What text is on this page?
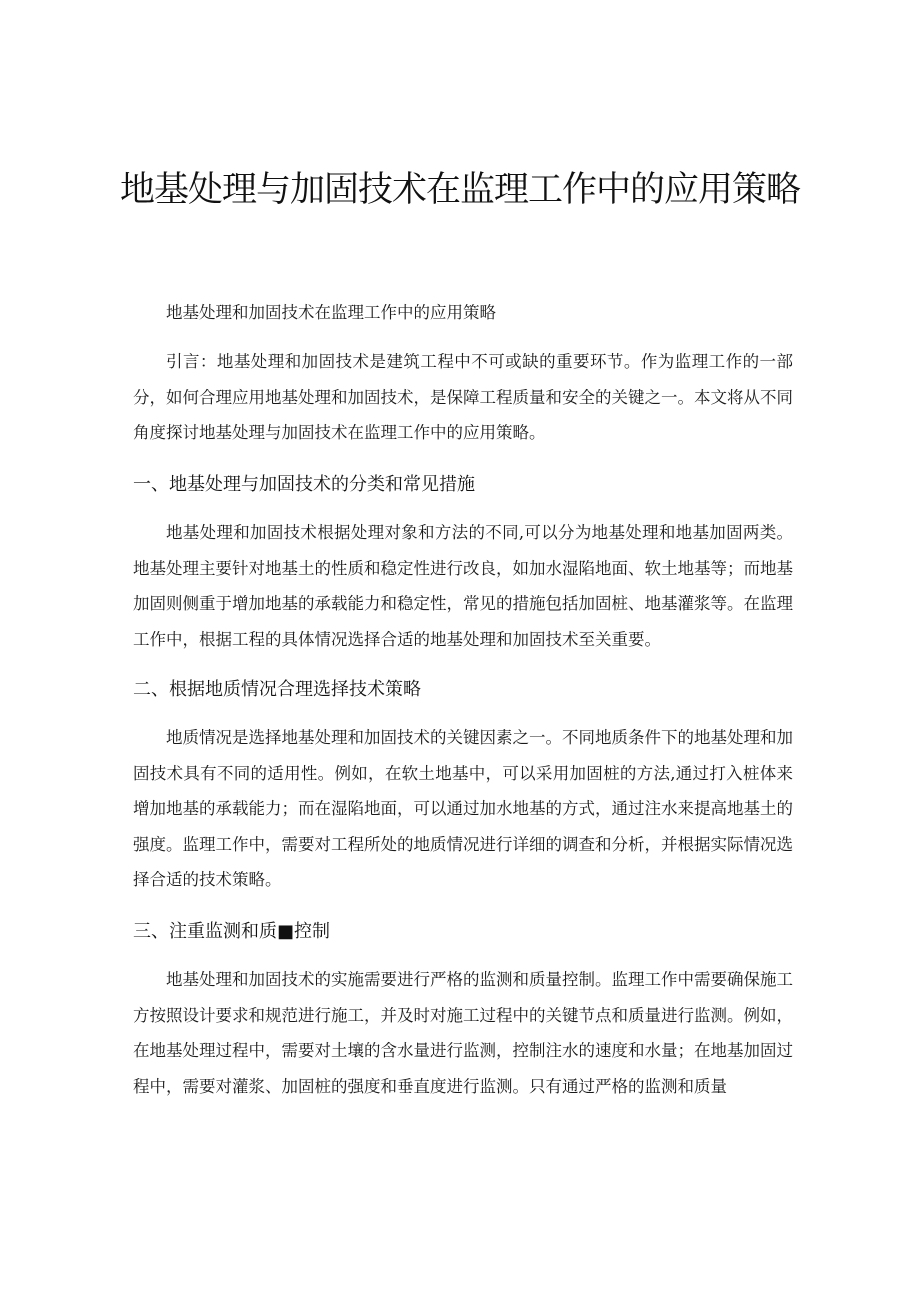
地基处理与加固技术在监理工作中的应用策略

地基处理和加固技术在监理工作中的应用策略

引言：地基处理和加固技术是建筑工程中不可或缺的重要环节。作为监理工作的一部分，如何合理应用地基处理和加固技术，是保障工程质量和安全的关键之一。本文将从不同角度探讨地基处理与加固技术在监理工作中的应用策略。

一、地基处理与加固技术的分类和常见措施

地基处理和加固技术根据处理对象和方法的不同,可以分为地基处理和地基加固两类。地基处理主要针对地基土的性质和稳定性进行改良，如加水湿陷地面、软土地基等；而地基加固则侧重于增加地基的承载能力和稳定性，常见的措施包括加固桩、地基灌浆等。在监理工作中，根据工程的具体情况选择合适的地基处理和加固技术至关重要。

二、根据地质情况合理选择技术策略

地质情况是选择地基处理和加固技术的关键因素之一。不同地质条件下的地基处理和加固技术具有不同的适用性。例如，在软土地基中，可以采用加固桩的方法,通过打入桩体来增加地基的承载能力；而在湿陷地面，可以通过加水地基的方式，通过注水来提高地基土的强度。监理工作中，需要对工程所处的地质情况进行详细的调查和分析，并根据实际情况选择合适的技术策略。

三、注重监测和质■控制

地基处理和加固技术的实施需要进行严格的监测和质量控制。监理工作中需要确保施工方按照设计要求和规范进行施工，并及时对施工过程中的关键节点和质量进行监测。例如，在地基处理过程中，需要对土壤的含水量进行监测，控制注水的速度和水量；在地基加固过程中，需要对灌浆、加固桩的强度和垂直度进行监测。只有通过严格的监测和质量
